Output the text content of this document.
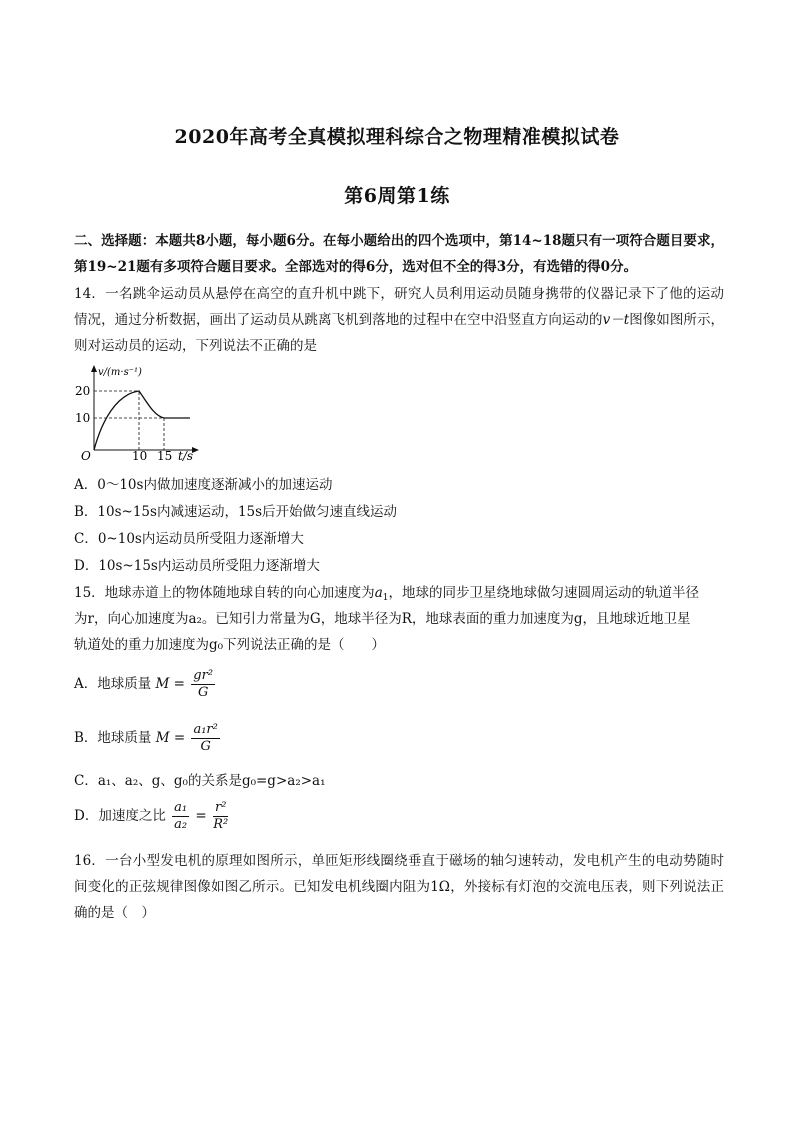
2020年高考全真模拟理科综合之物理精准模拟试卷
第6周第1练
二、选择题：本题共8小题，每小题6分。在每小题给出的四个选项中，第14~18题只有一项符合题目要求，第19~21题有多项符合题目要求。全部选对的得6分，选对但不全的得3分，有选错的得0分。
14．一名跳伞运动员从悬停在高空的直升机中跳下，研究人员利用运动员随身携带的仪器记录下了他的运动情况，通过分析数据，画出了运动员从跳离飞机到落地的过程中在空中沿竖直方向运动的v－t图像如图所示，则对运动员的运动，下列说法不正确的是
v/(m·s⁻¹)
20
10
O	10 15 t/s
A．0～10s内做加速度逐渐减小的加速运动
B．10s~15s内减速运动，15s后开始做匀速直线运动
C．0~10s内运动员所受阻力逐渐增大
D．10s~15s内运动员所受阻力逐渐增大
15．地球赤道上的物体随地球自转的向心加速度为$a_1$，地球的同步卫星绕地球做匀速圆周运动的轨道半径
为r，向心加速度为a₂。已知引力常量为G，地球半径为R，地球表面的重力加速度为g，且地球近地卫星
轨道处的重力加速度为g₀下列说法正确的是（　　）
A．地球质量 $M = \frac{\text{gr²}}{G}$
B．地球质量 $M = \frac{\text{a₁r²}}{G}$
C．a₁、a₂、g、g₀的关系是g₀=g>a₂>a₁
D．加速度之比 $\frac{\text{a₁}}{\text{a₂}} = \frac{\text{r²}}{\text{R²}}$
16．一台小型发电机的原理如图所示，单匝矩形线圈绕垂直于磁场的轴匀速转动，发电机产生的电动势随时间变化的正弦规律图像如图乙所示。已知发电机线圈内阻为1Ω，外接标有灯泡的交流电压表，则下列说法正确的是（　）
